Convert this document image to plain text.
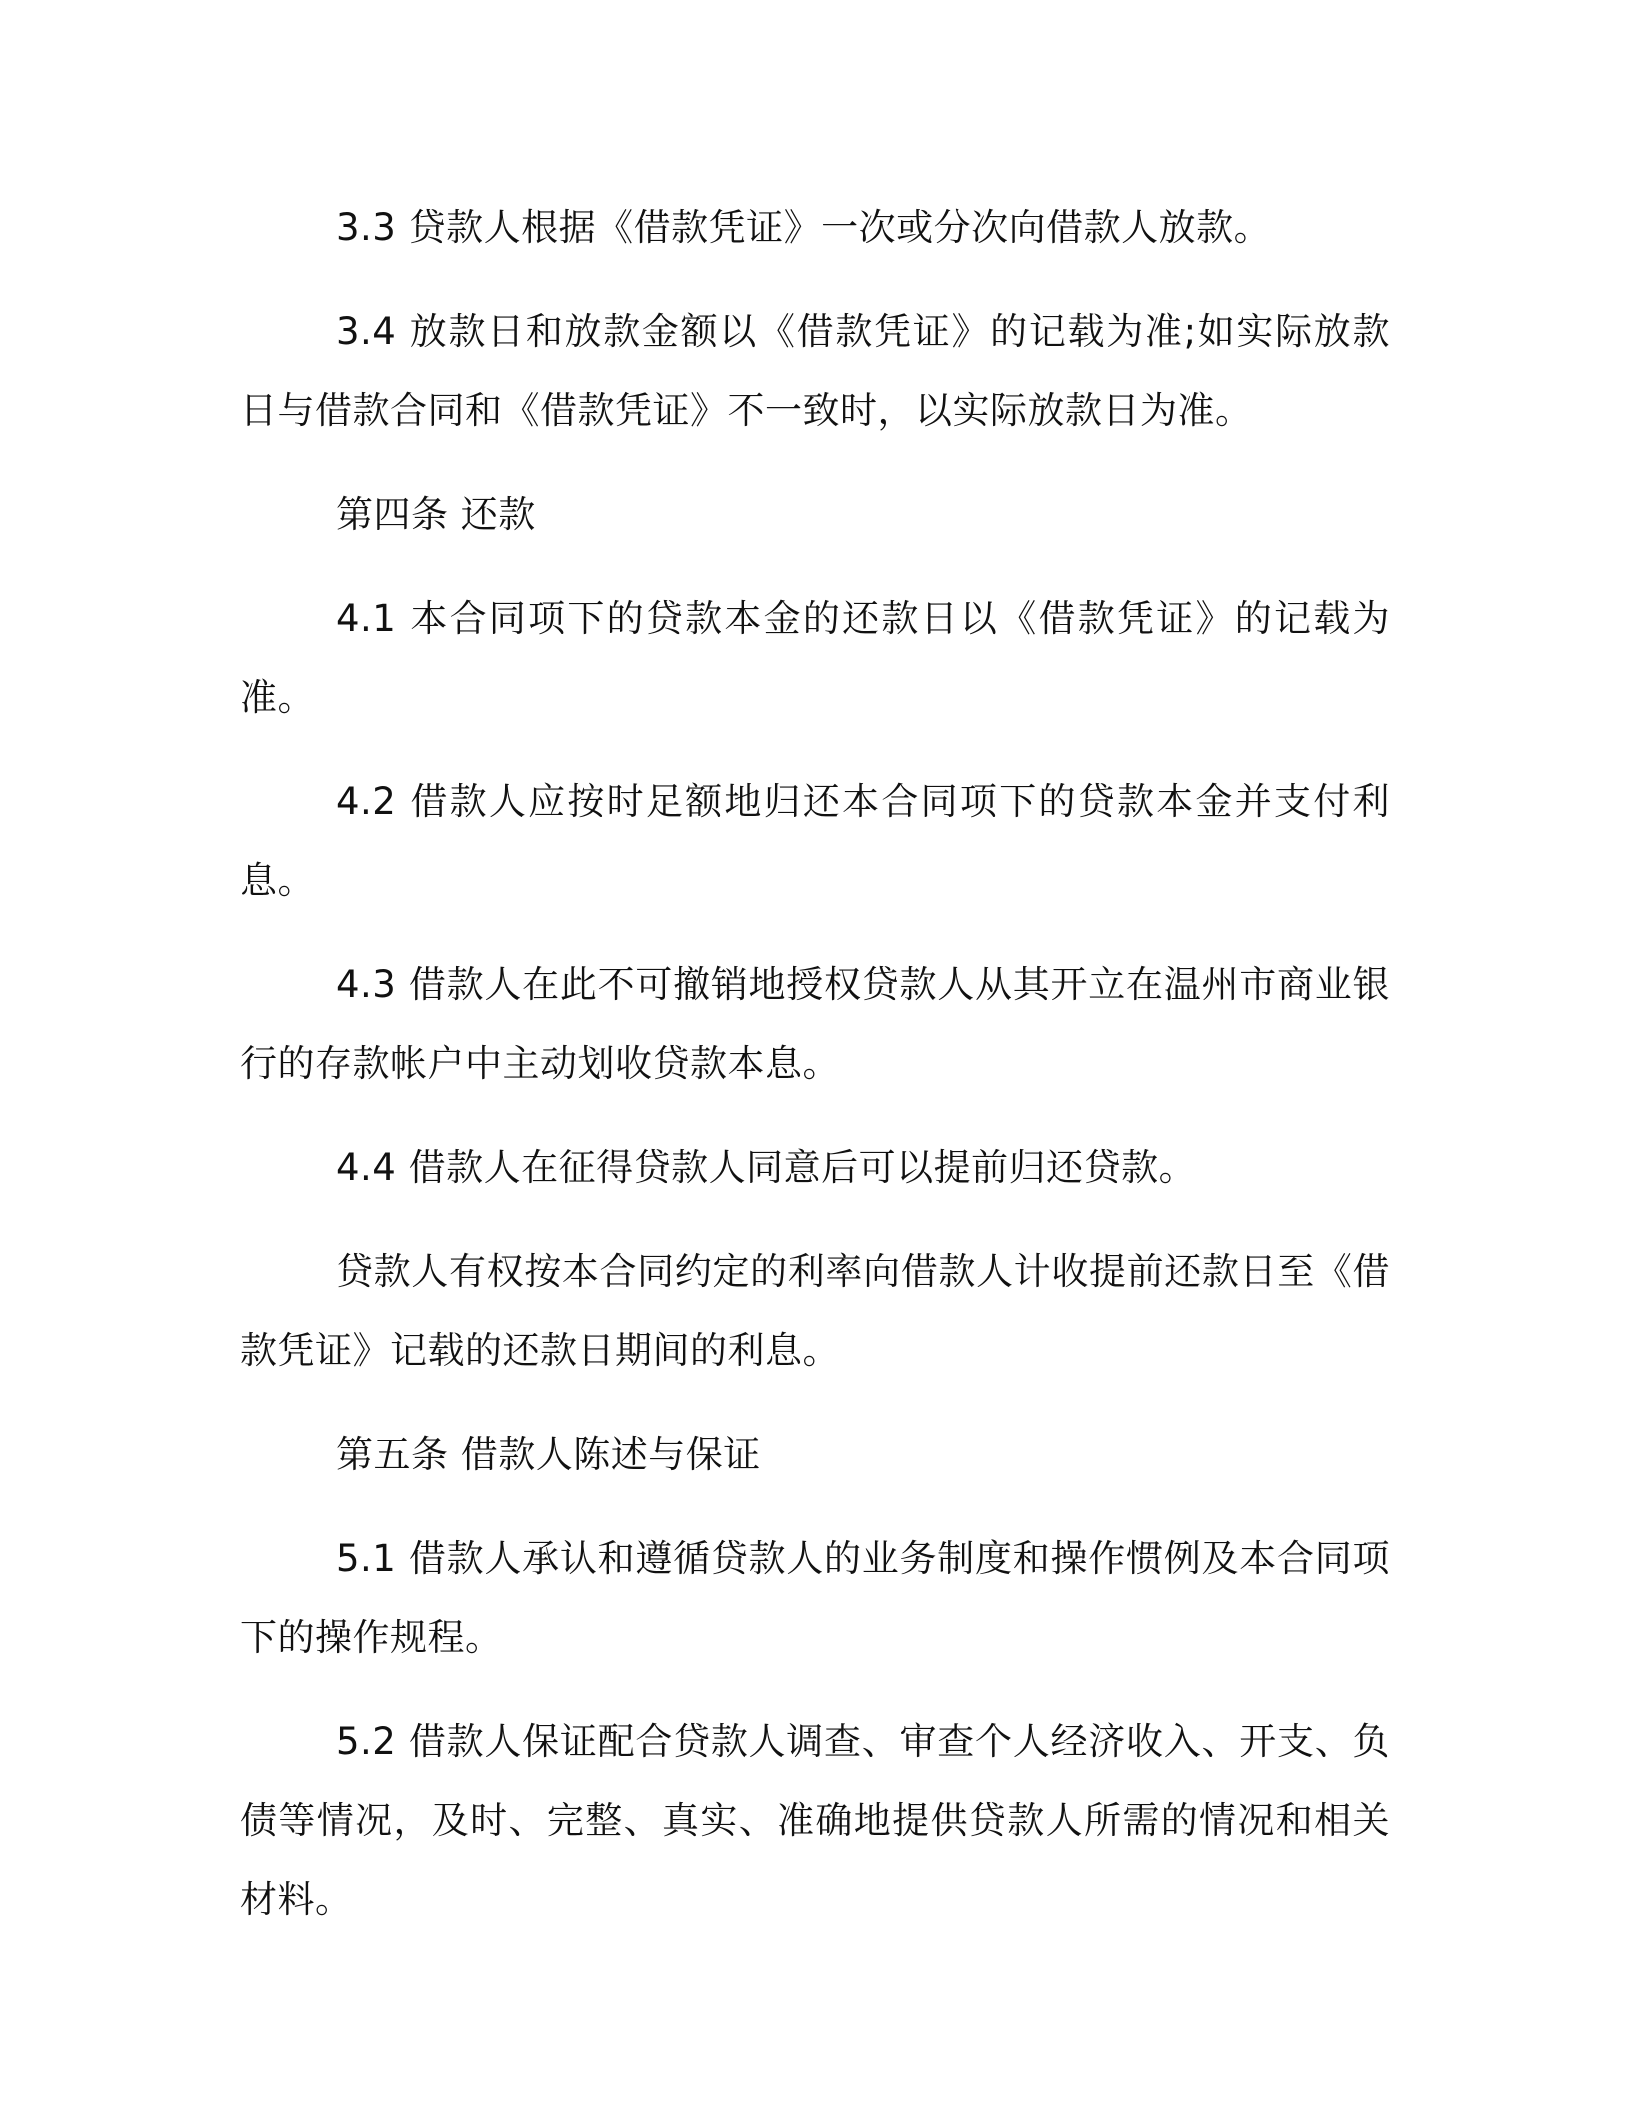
3.3 贷款人根据《借款凭证》一次或分次向借款人放款。

3.4 放款日和放款金额以《借款凭证》的记载为准;如实际放款日与借款合同和《借款凭证》不一致时，以实际放款日为准。

第四条 还款

4.1 本合同项下的贷款本金的还款日以《借款凭证》的记载为准。

4.2 借款人应按时足额地归还本合同项下的贷款本金并支付利息。

4.3 借款人在此不可撤销地授权贷款人从其开立在温州市商业银行的存款帐户中主动划收贷款本息。

4.4 借款人在征得贷款人同意后可以提前归还贷款。

贷款人有权按本合同约定的利率向借款人计收提前还款日至《借款凭证》记载的还款日期间的利息。

第五条 借款人陈述与保证

5.1 借款人承认和遵循贷款人的业务制度和操作惯例及本合同项下的操作规程。

5.2 借款人保证配合贷款人调查、审查个人经济收入、开支、负债等情况，及时、完整、真实、准确地提供贷款人所需的情况和相关材料。
